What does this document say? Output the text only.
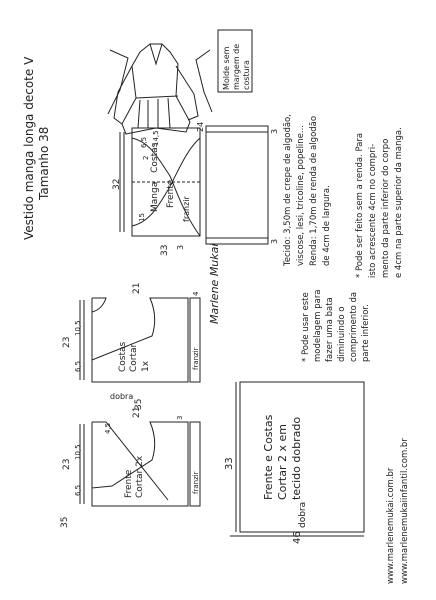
Vestido manga longa decote V Tamanho 38
Molde sem margem de costura
Manga Costas
Frente
franzir
32
33
24	3
6,5
2
14,5
15
3
3
Costas Cortar 1x
dobra
franzir
23
10,5
6,5
21
35
4
Frente Cortar 2x	franzir
23
10,5
6,5
21	3
4,5
35
Frente e Costas Cortar 2 x em tecido dobrado
33
46
dobra
Tecido: 3,50m de crepe de algodão, viscose, lesi, tricoline, popeline... Renda: 1,70m de renda de algodão de 4cm de largura.	* Pode ser feito sem a renda. Para isto acrescente 4cm no compri- mento da parte inferior do corpo e 4cm na parte superior da manga.
* Pode usar este modelagem para fazer uma bata diminuindo o comprimento da parte inferior.
Marlene Mukai
www.marlenemukai.com.br www.marlenemukaiinfantil.com.br
